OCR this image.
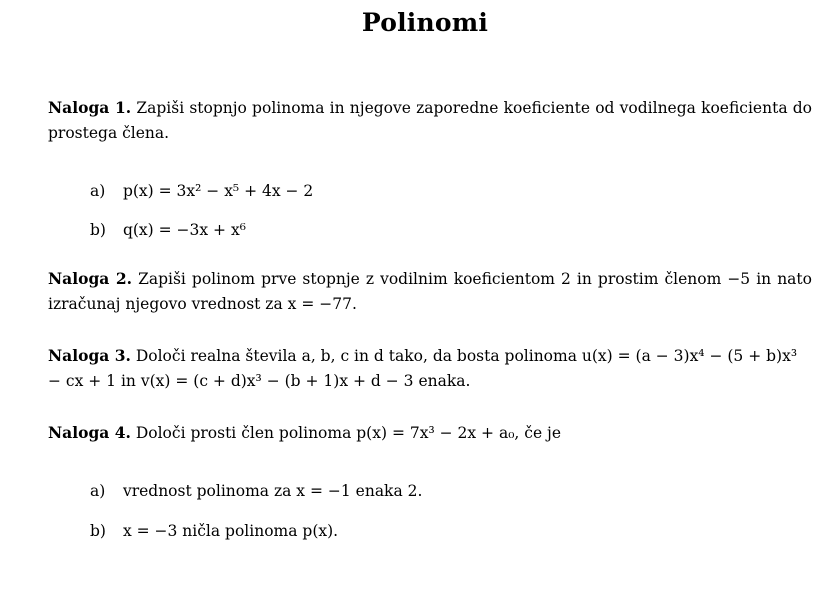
Polinomi
Naloga 1. Zapiši stopnjo polinoma in njegove zaporedne koeficiente od vodilnega koeficienta do prostega člena.
a) p(x) = 3x² − x⁵ + 4x − 2
b) q(x) = −3x + x⁶
Naloga 2. Zapiši polinom prve stopnje z vodilnim koeficientom 2 in prostim členom −5 in nato izračunaj njegovo vrednost za x = −77.
Naloga 3. Določi realna števila a, b, c in d tako, da bosta polinoma u(x) = (a − 3)x⁴ − (5 + b)x³ − cx + 1 in v(x) = (c + d)x³ − (b + 1)x + d − 3 enaka.
Naloga 4. Določi prosti člen polinoma p(x) = 7x³ − 2x + a₀, če je
a) vrednost polinoma za x = −1 enaka 2.
b) x = −3 ničla polinoma p(x).
